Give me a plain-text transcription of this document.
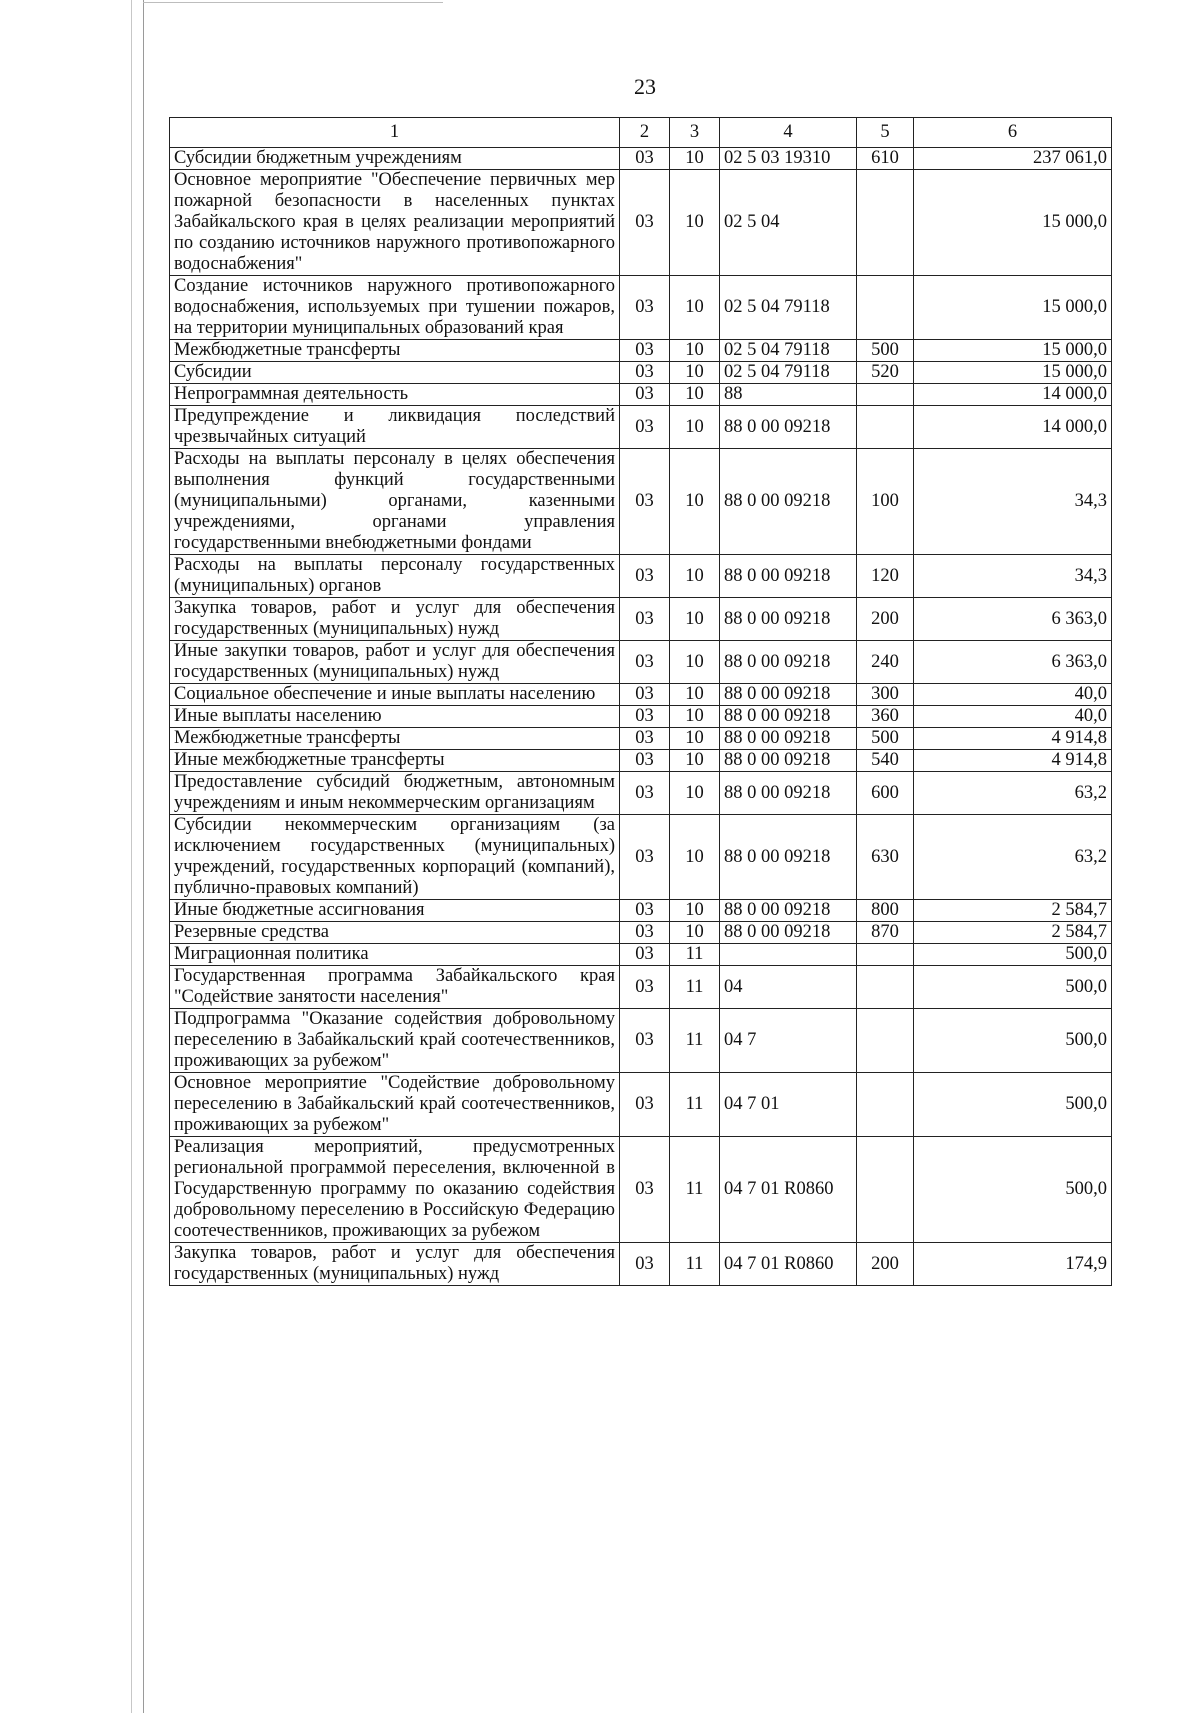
23
1	2	3	4	5	6
Субсидии бюджетным учреждениям	03	10	02 5 03 19310	610	237 061,0
Основное мероприятие "Обеспечение первичных мер пожарной безопасности в населенных пунктах Забайкальского края в целях реализации мероприятий по созданию источников наружного противопожарного водоснабжения"	03	10	02 5 04		15 000,0
Создание источников наружного противопожарного водоснабжения, используемых при тушении пожаров, на территории муниципальных образований края	03	10	02 5 04 79118		15 000,0
Межбюджетные трансферты	03	10	02 5 04 79118	500	15 000,0
Субсидии	03	10	02 5 04 79118	520	15 000,0
Непрограммная деятельность	03	10	88		14 000,0
Предупреждение и ликвидация последствий чрезвычайных ситуаций	03	10	88 0 00 09218		14 000,0
Расходы на выплаты персоналу в целях обеспечения выполнения функций государственными (муниципальными) органами, казенными учреждениями, органами управления государственными внебюджетными фондами	03	10	88 0 00 09218	100	34,3
Расходы на выплаты персоналу государственных (муниципальных) органов	03	10	88 0 00 09218	120	34,3
Закупка товаров, работ и услуг для обеспечения государственных (муниципальных) нужд	03	10	88 0 00 09218	200	6 363,0
Иные закупки товаров, работ и услуг для обеспечения государственных (муниципальных) нужд	03	10	88 0 00 09218	240	6 363,0
Социальное обеспечение и иные выплаты населению	03	10	88 0 00 09218	300	40,0
Иные выплаты населению	03	10	88 0 00 09218	360	40,0
Межбюджетные трансферты	03	10	88 0 00 09218	500	4 914,8
Иные межбюджетные трансферты	03	10	88 0 00 09218	540	4 914,8
Предоставление субсидий бюджетным, автономным учреждениям и иным некоммерческим организациям	03	10	88 0 00 09218	600	63,2
Субсидии некоммерческим организациям (за исключением государственных (муниципальных) учреждений, государственных корпораций (компаний), публично-правовых компаний)	03	10	88 0 00 09218	630	63,2
Иные бюджетные ассигнования	03	10	88 0 00 09218	800	2 584,7
Резервные средства	03	10	88 0 00 09218	870	2 584,7
Миграционная политика	03	11			500,0
Государственная программа Забайкальского края "Содействие занятости населения"	03	11	04		500,0
Подпрограмма "Оказание содействия добровольному переселению в Забайкальский край соотечественников, проживающих за рубежом"	03	11	04 7		500,0
Основное мероприятие "Содействие добровольному переселению в Забайкальский край соотечественников, проживающих за рубежом"	03	11	04 7 01		500,0
Реализация мероприятий, предусмотренных региональной программой переселения, включенной в Государственную программу по оказанию содействия добровольному переселению в Российскую Федерацию соотечественников, проживающих за рубежом	03	11	04 7 01 R0860		500,0
Закупка товаров, работ и услуг для обеспечения государственных (муниципальных) нужд	03	11	04 7 01 R0860	200	174,9
